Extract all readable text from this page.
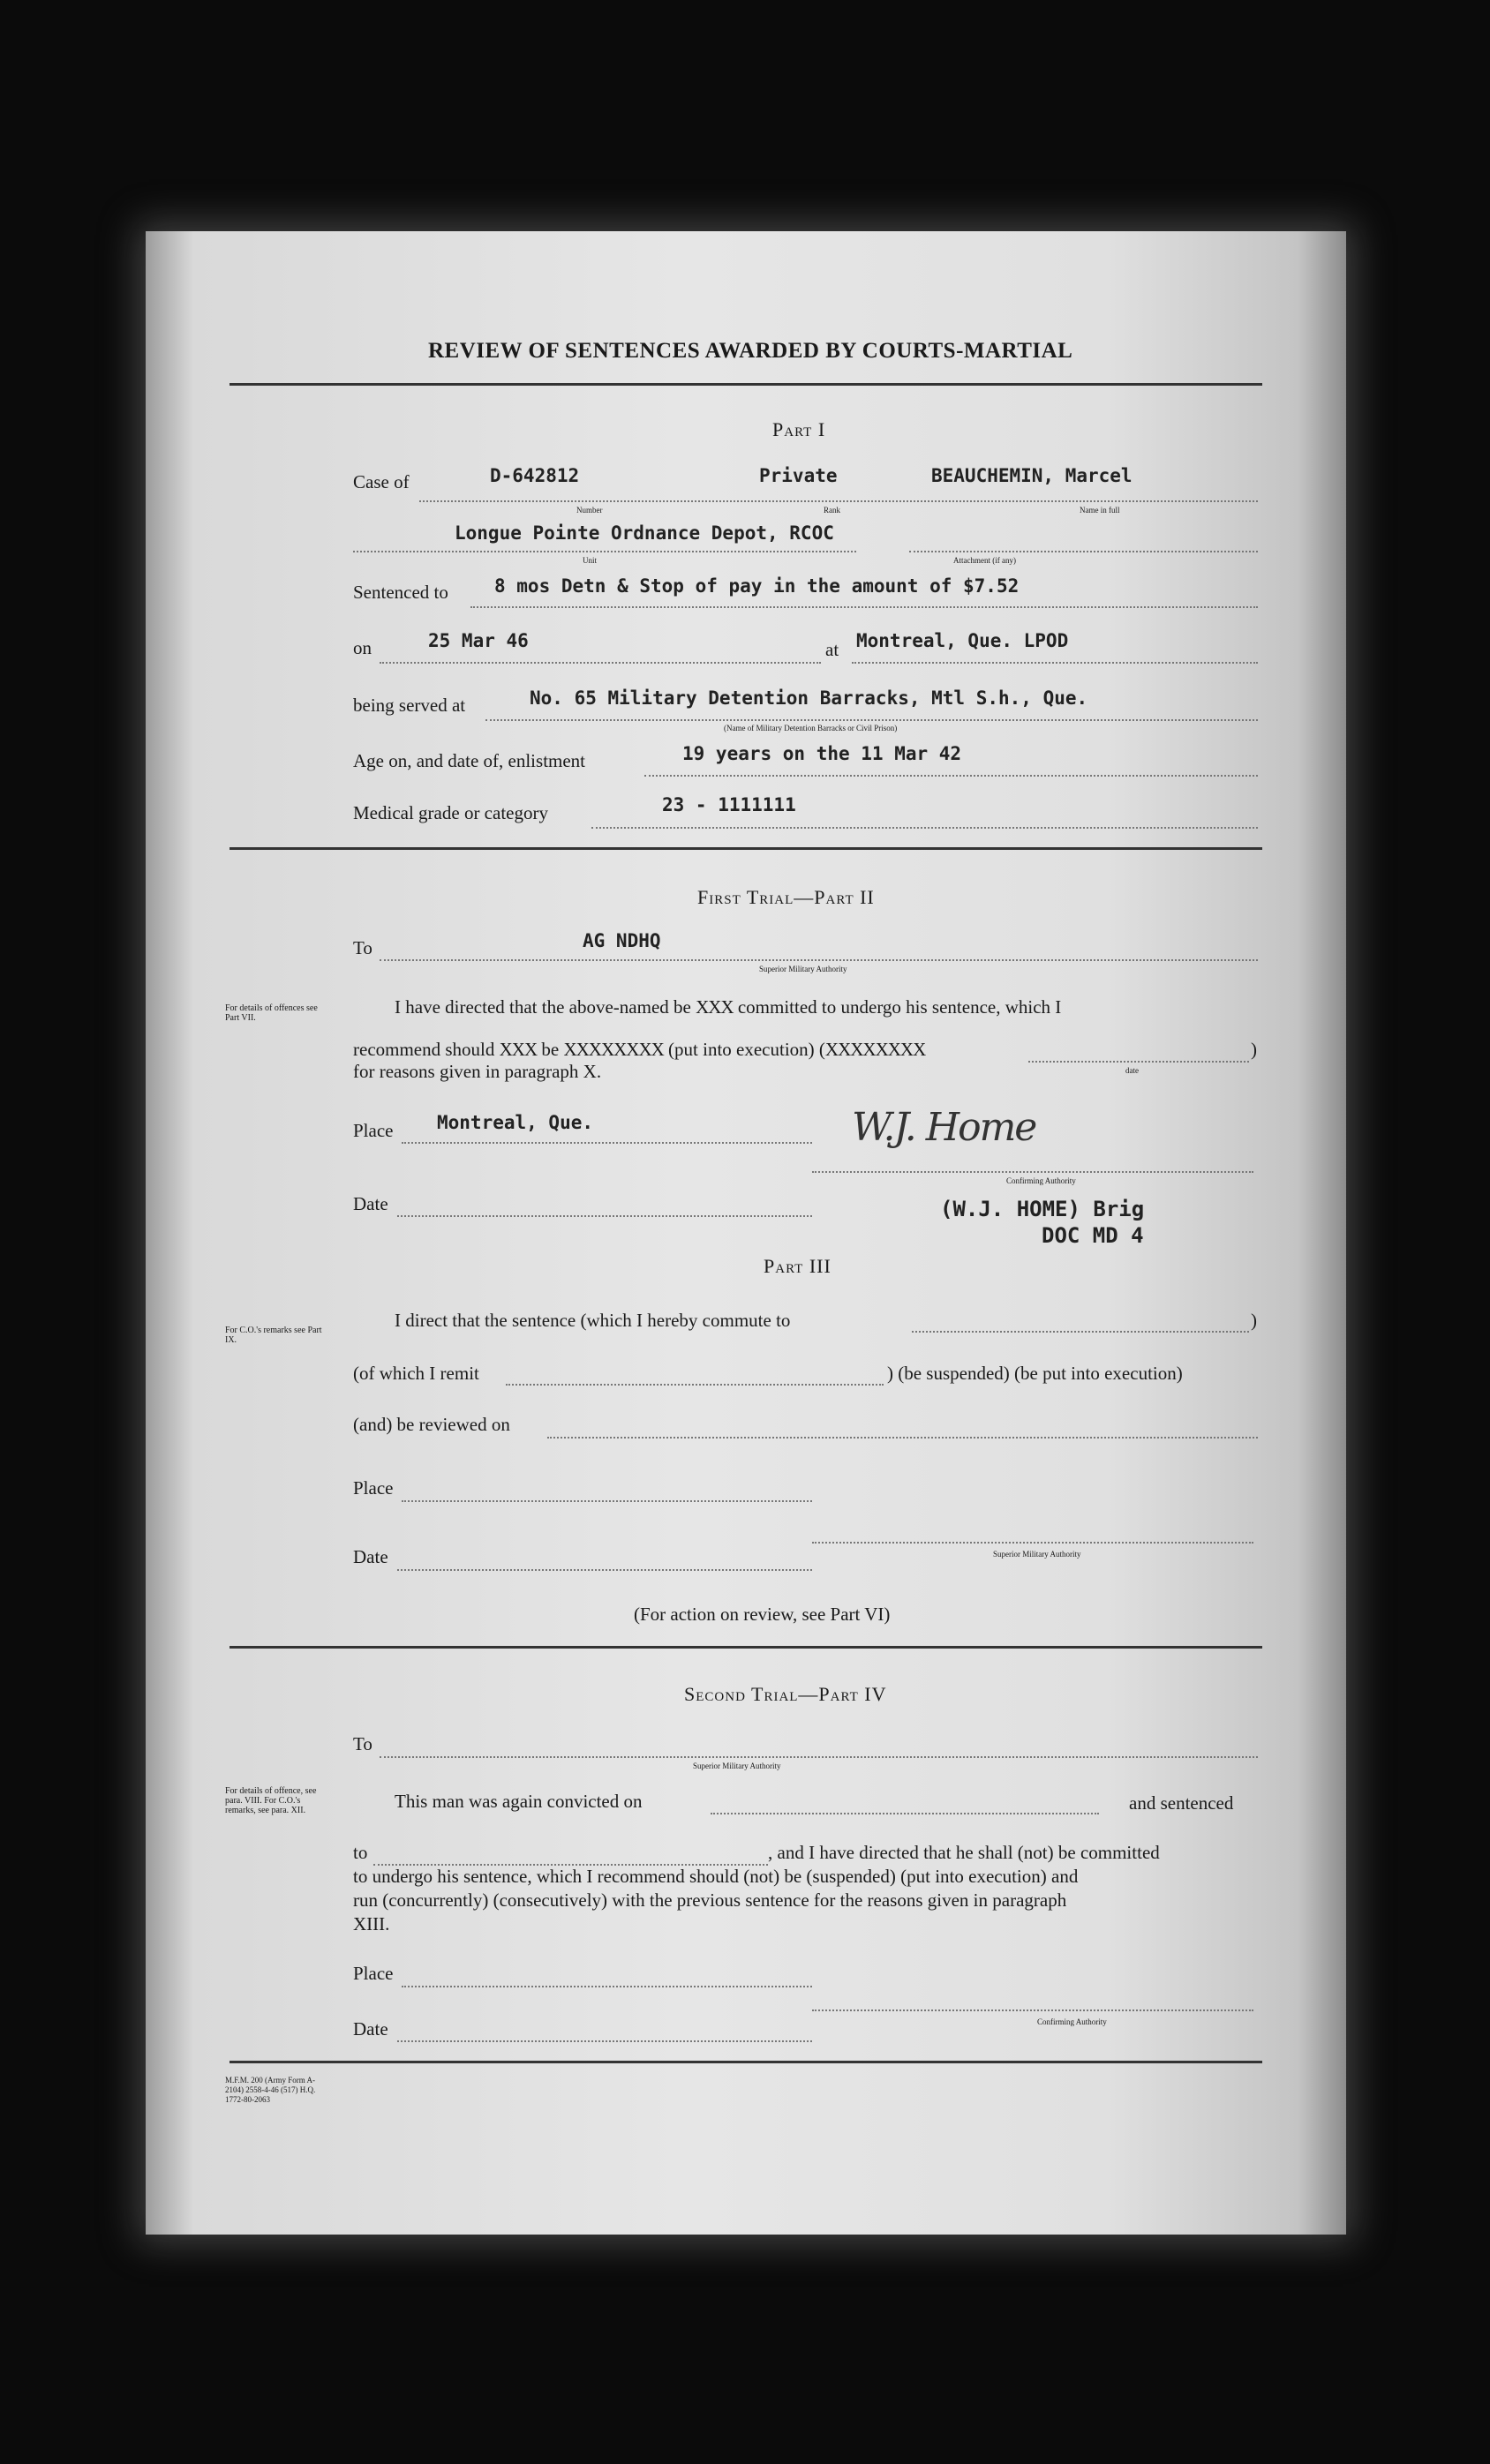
REVIEW OF SENTENCES AWARDED BY COURTS-MARTIAL
Part I
Case of	D-642812	Private	BEAUCHEMIN, Marcel
Number	Rank	Name in full
Longue Pointe Ordnance Depot, RCOC
Unit	Attachment (if any)
Sentenced to 8 mos Detn & Stop of pay in the amount of $7.52
on	25 Mar 46	at Montreal, Que. LPOD
being served at	No. 65 Military Detention Barracks, Mtl S.h., Que.
(Name of Military Detention Barracks or Civil Prison)
Age on, and date of, enlistment	19 years on the 11 Mar 42
Medical grade or category	23 - 1111111
First Trial—Part II
To	AG NDHQ
Superior Military Authority
For details of offences see Part VII.
I have directed that the above-named be XXX committed to undergo his sentence, which I
recommend should XXX be XXXXXXXX (put into execution) (XXXXXXXX	)
date
for reasons given in paragraph X.
Place Montreal, Que.	W.J. Home
Confirming Authority
Date	(W.J. HOME) Brig
DOC MD 4
Part III
For C.O.'s remarks see Part IX.
I direct that the sentence (which I hereby commute to	)
(of which I remit	) (be suspended) (be put into execution)
(and) be reviewed on
Place
Superior Military Authority
Date
(For action on review, see Part VI)
Second Trial—Part IV
To
Superior Military Authority
For details of offence, see para. VIII. For C.O.'s remarks, see para. XII.	This man was again convicted on	and sentenced
to	, and I have directed that he shall (not) be committed
to undergo his sentence, which I recommend should (not) be (suspended) (put into execution) and
run (concurrently) (consecutively) with the previous sentence for the reasons given in paragraph
XIII.
Place
Confirming Authority
Date
M.F.M. 200 (Army Form A-2104) 2558-4-46 (517) H.Q. 1772-80-2063
